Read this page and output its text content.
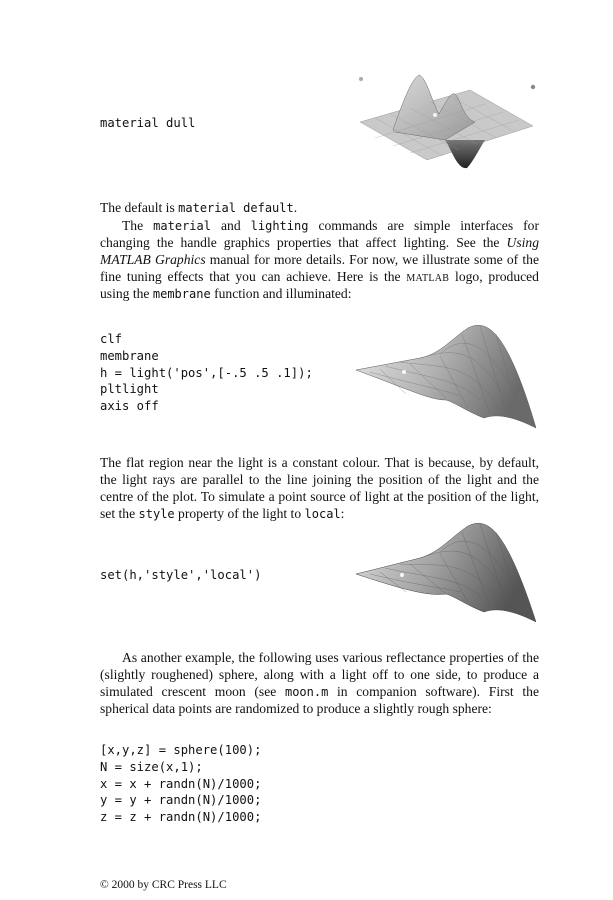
material dull
The default is material default.
The material and lighting commands are simple interfaces for changing the handle graphics properties that affect lighting. See the Using MATLAB Graphics manual for more details. For now, we illustrate some of the fine tuning effects that you can achieve. Here is the matlab logo, produced using the membrane function and illuminated:
clf
membrane
h = light('pos',[-.5 .5 .1]);
pltlight
axis off
The flat region near the light is a constant colour. That is because, by default, the light rays are parallel to the line joining the position of the light and the centre of the plot. To simulate a point source of light at the position of the light, set the style property of the light to local:
set(h,'style','local')
As another example, the following uses various reflectance properties of the (slightly roughened) sphere, along with a light off to one side, to produce a simulated crescent moon (see moon.m in companion software). First the spherical data points are randomized to produce a slightly rough sphere:
[x,y,z] = sphere(100);
N = size(x,1);
x = x + randn(N)/1000;
y = y + randn(N)/1000;
z = z + randn(N)/1000;
© 2000 by CRC Press LLC
